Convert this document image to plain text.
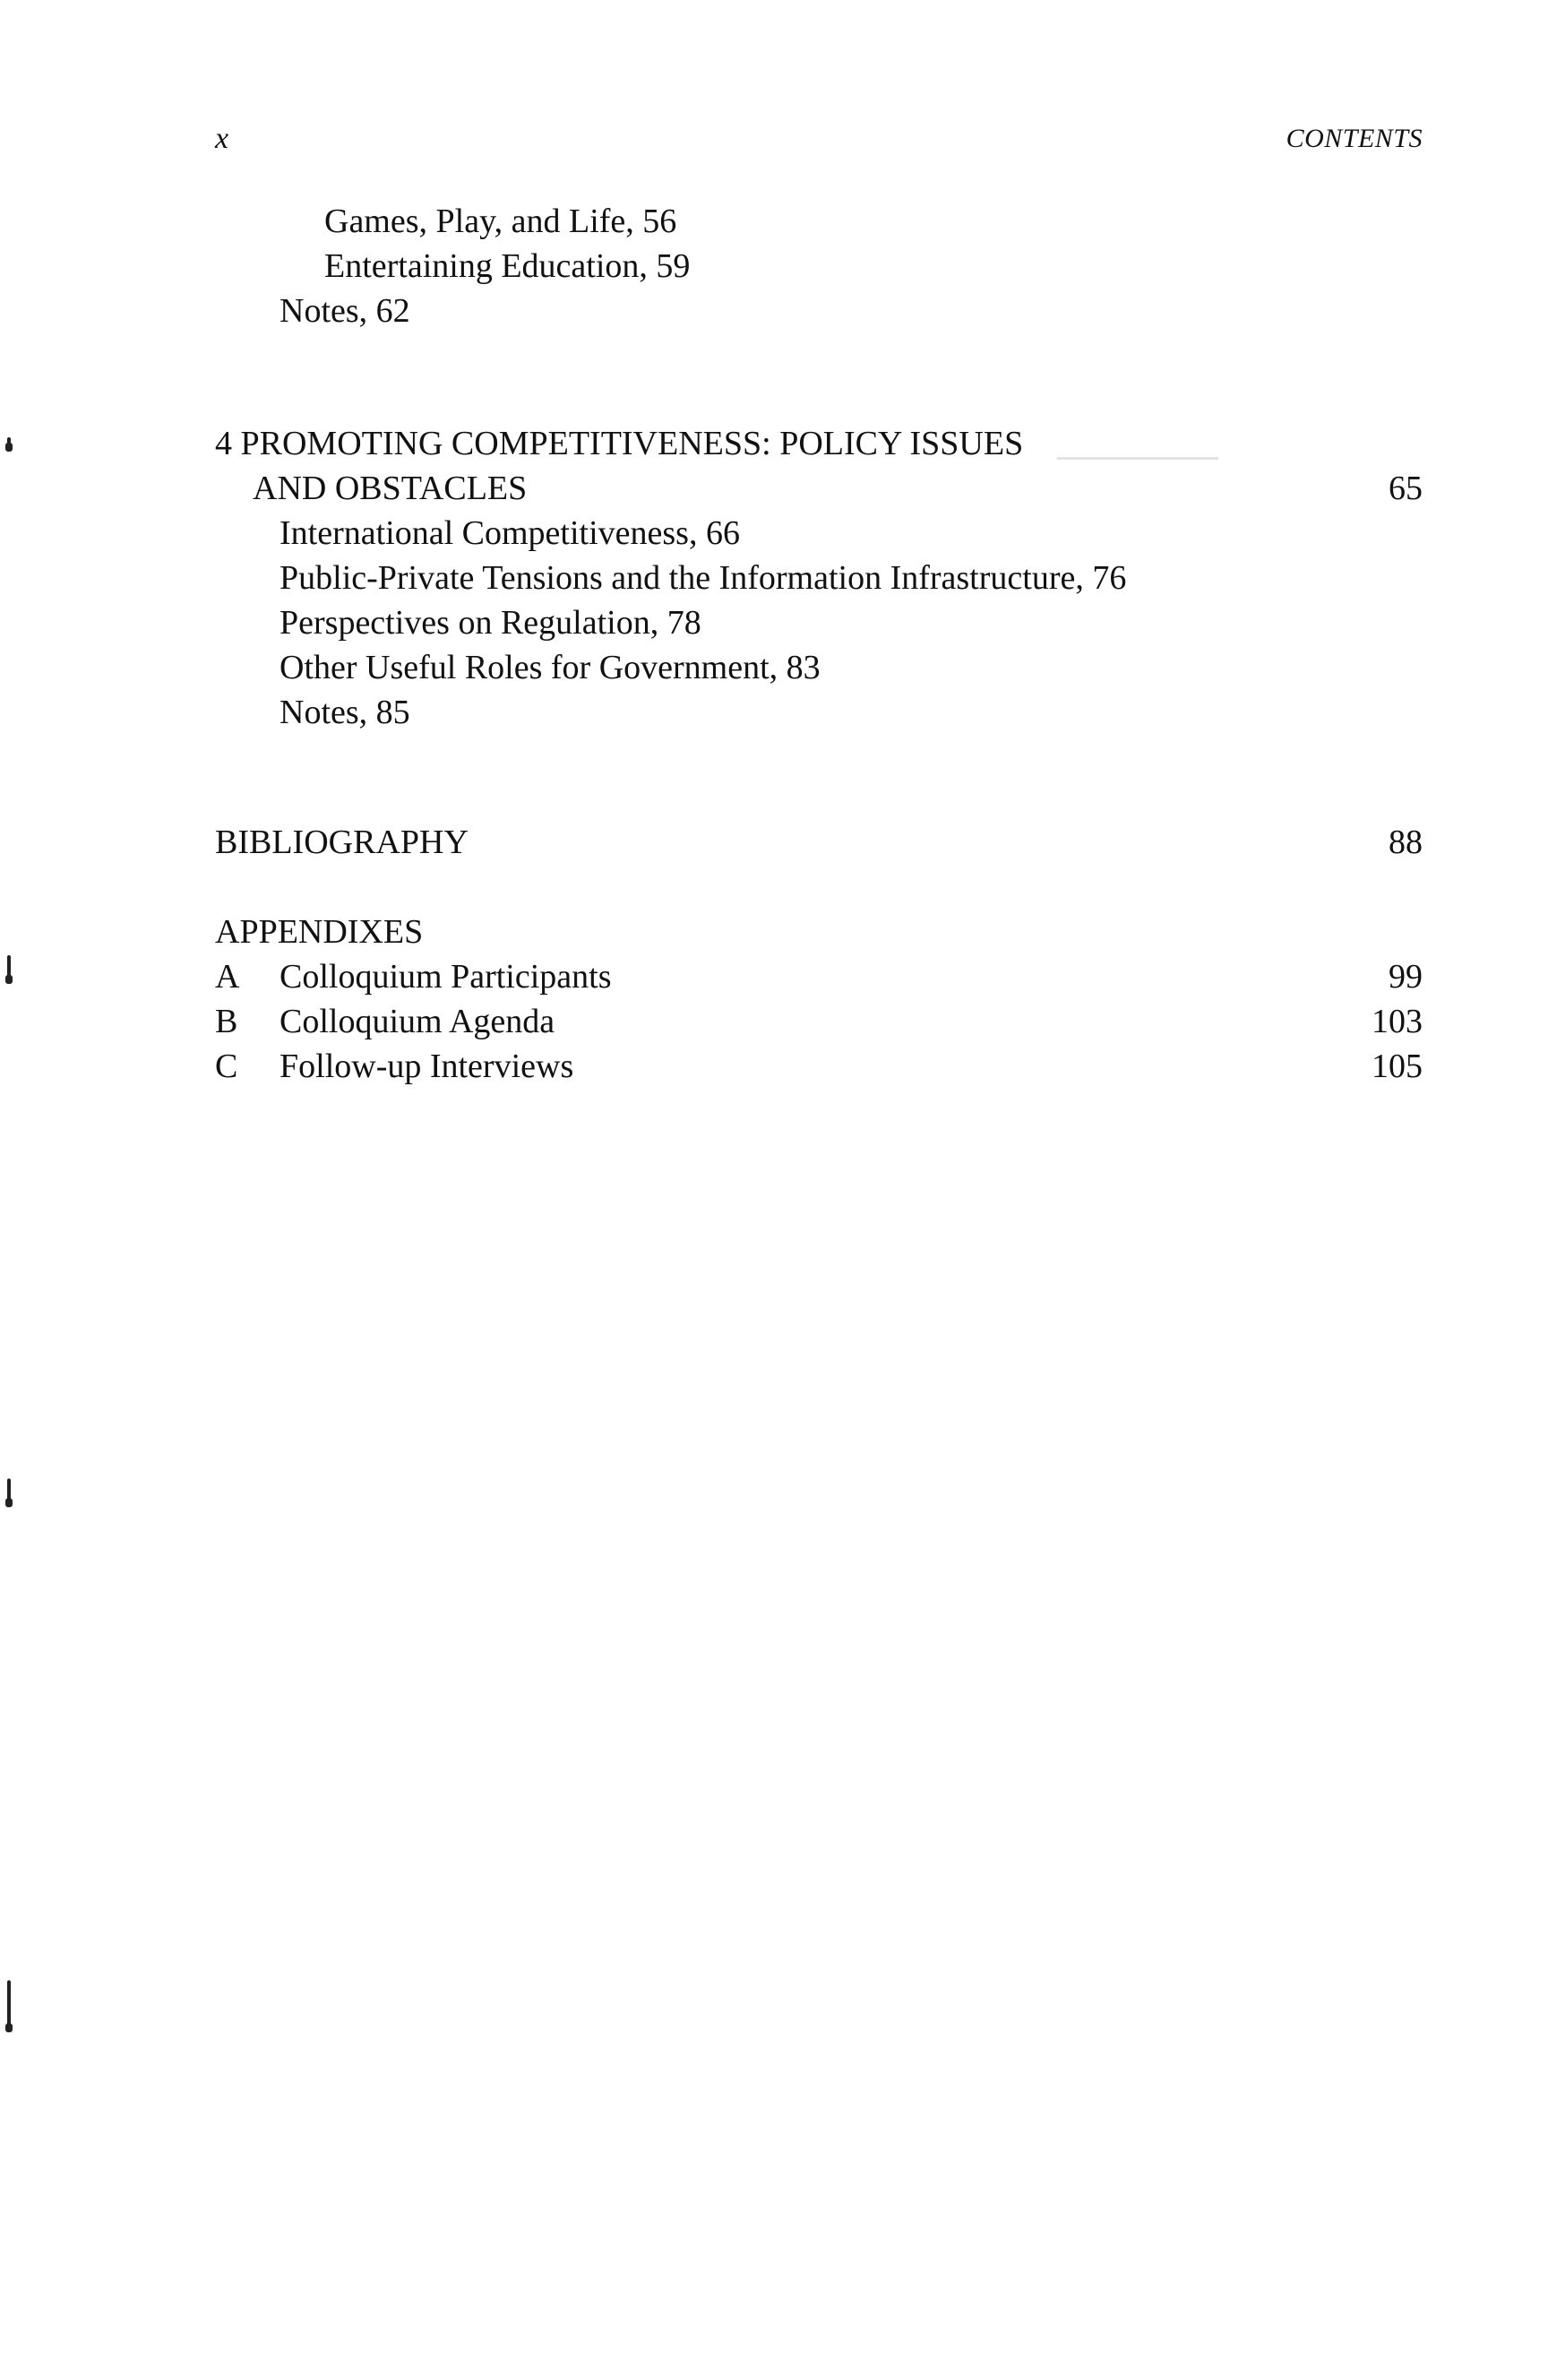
x	CONTENTS
Games, Play, and Life, 56
Entertaining Education, 59
Notes, 62
4 PROMOTING COMPETITIVENESS: POLICY ISSUES
AND OBSTACLES	65
International Competitiveness, 66
Public-Private Tensions and the Information Infrastructure, 76
Perspectives on Regulation, 78
Other Useful Roles for Government, 83
Notes, 85
BIBLIOGRAPHY	88
APPENDIXES
A Colloquium Participants	99
B Colloquium Agenda	103
C Follow-up Interviews	105
